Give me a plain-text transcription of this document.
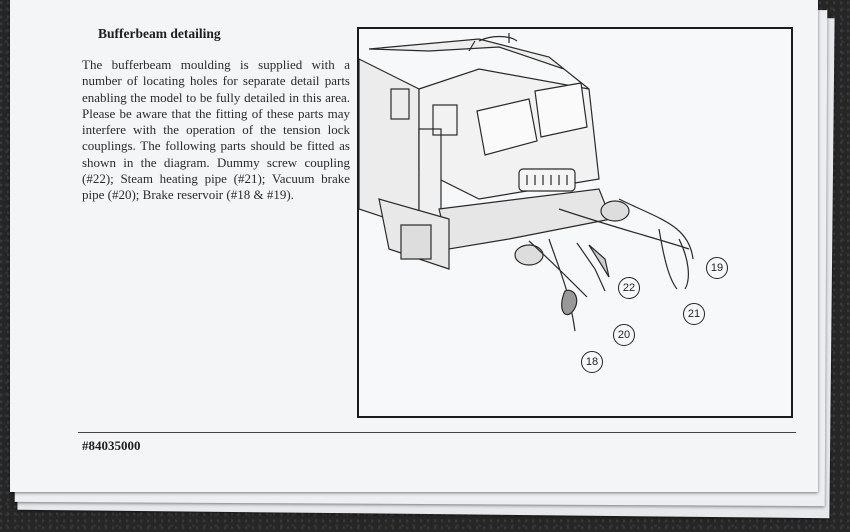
Bufferbeam detailing
The bufferbeam moulding is supplied with a number of locating holes for separate detail parts enabling the model to be fully detailed in this area. Please be aware that the fitting of these parts may interfere with the operation of the tension lock couplings. The following parts should be fitted as shown in the diagram. Dummy screw coupling (#22); Steam heating pipe (#21); Vacuum brake pipe (#20); Brake reservoir (#18 & #19).
22
19
21
20
18
#84035000
